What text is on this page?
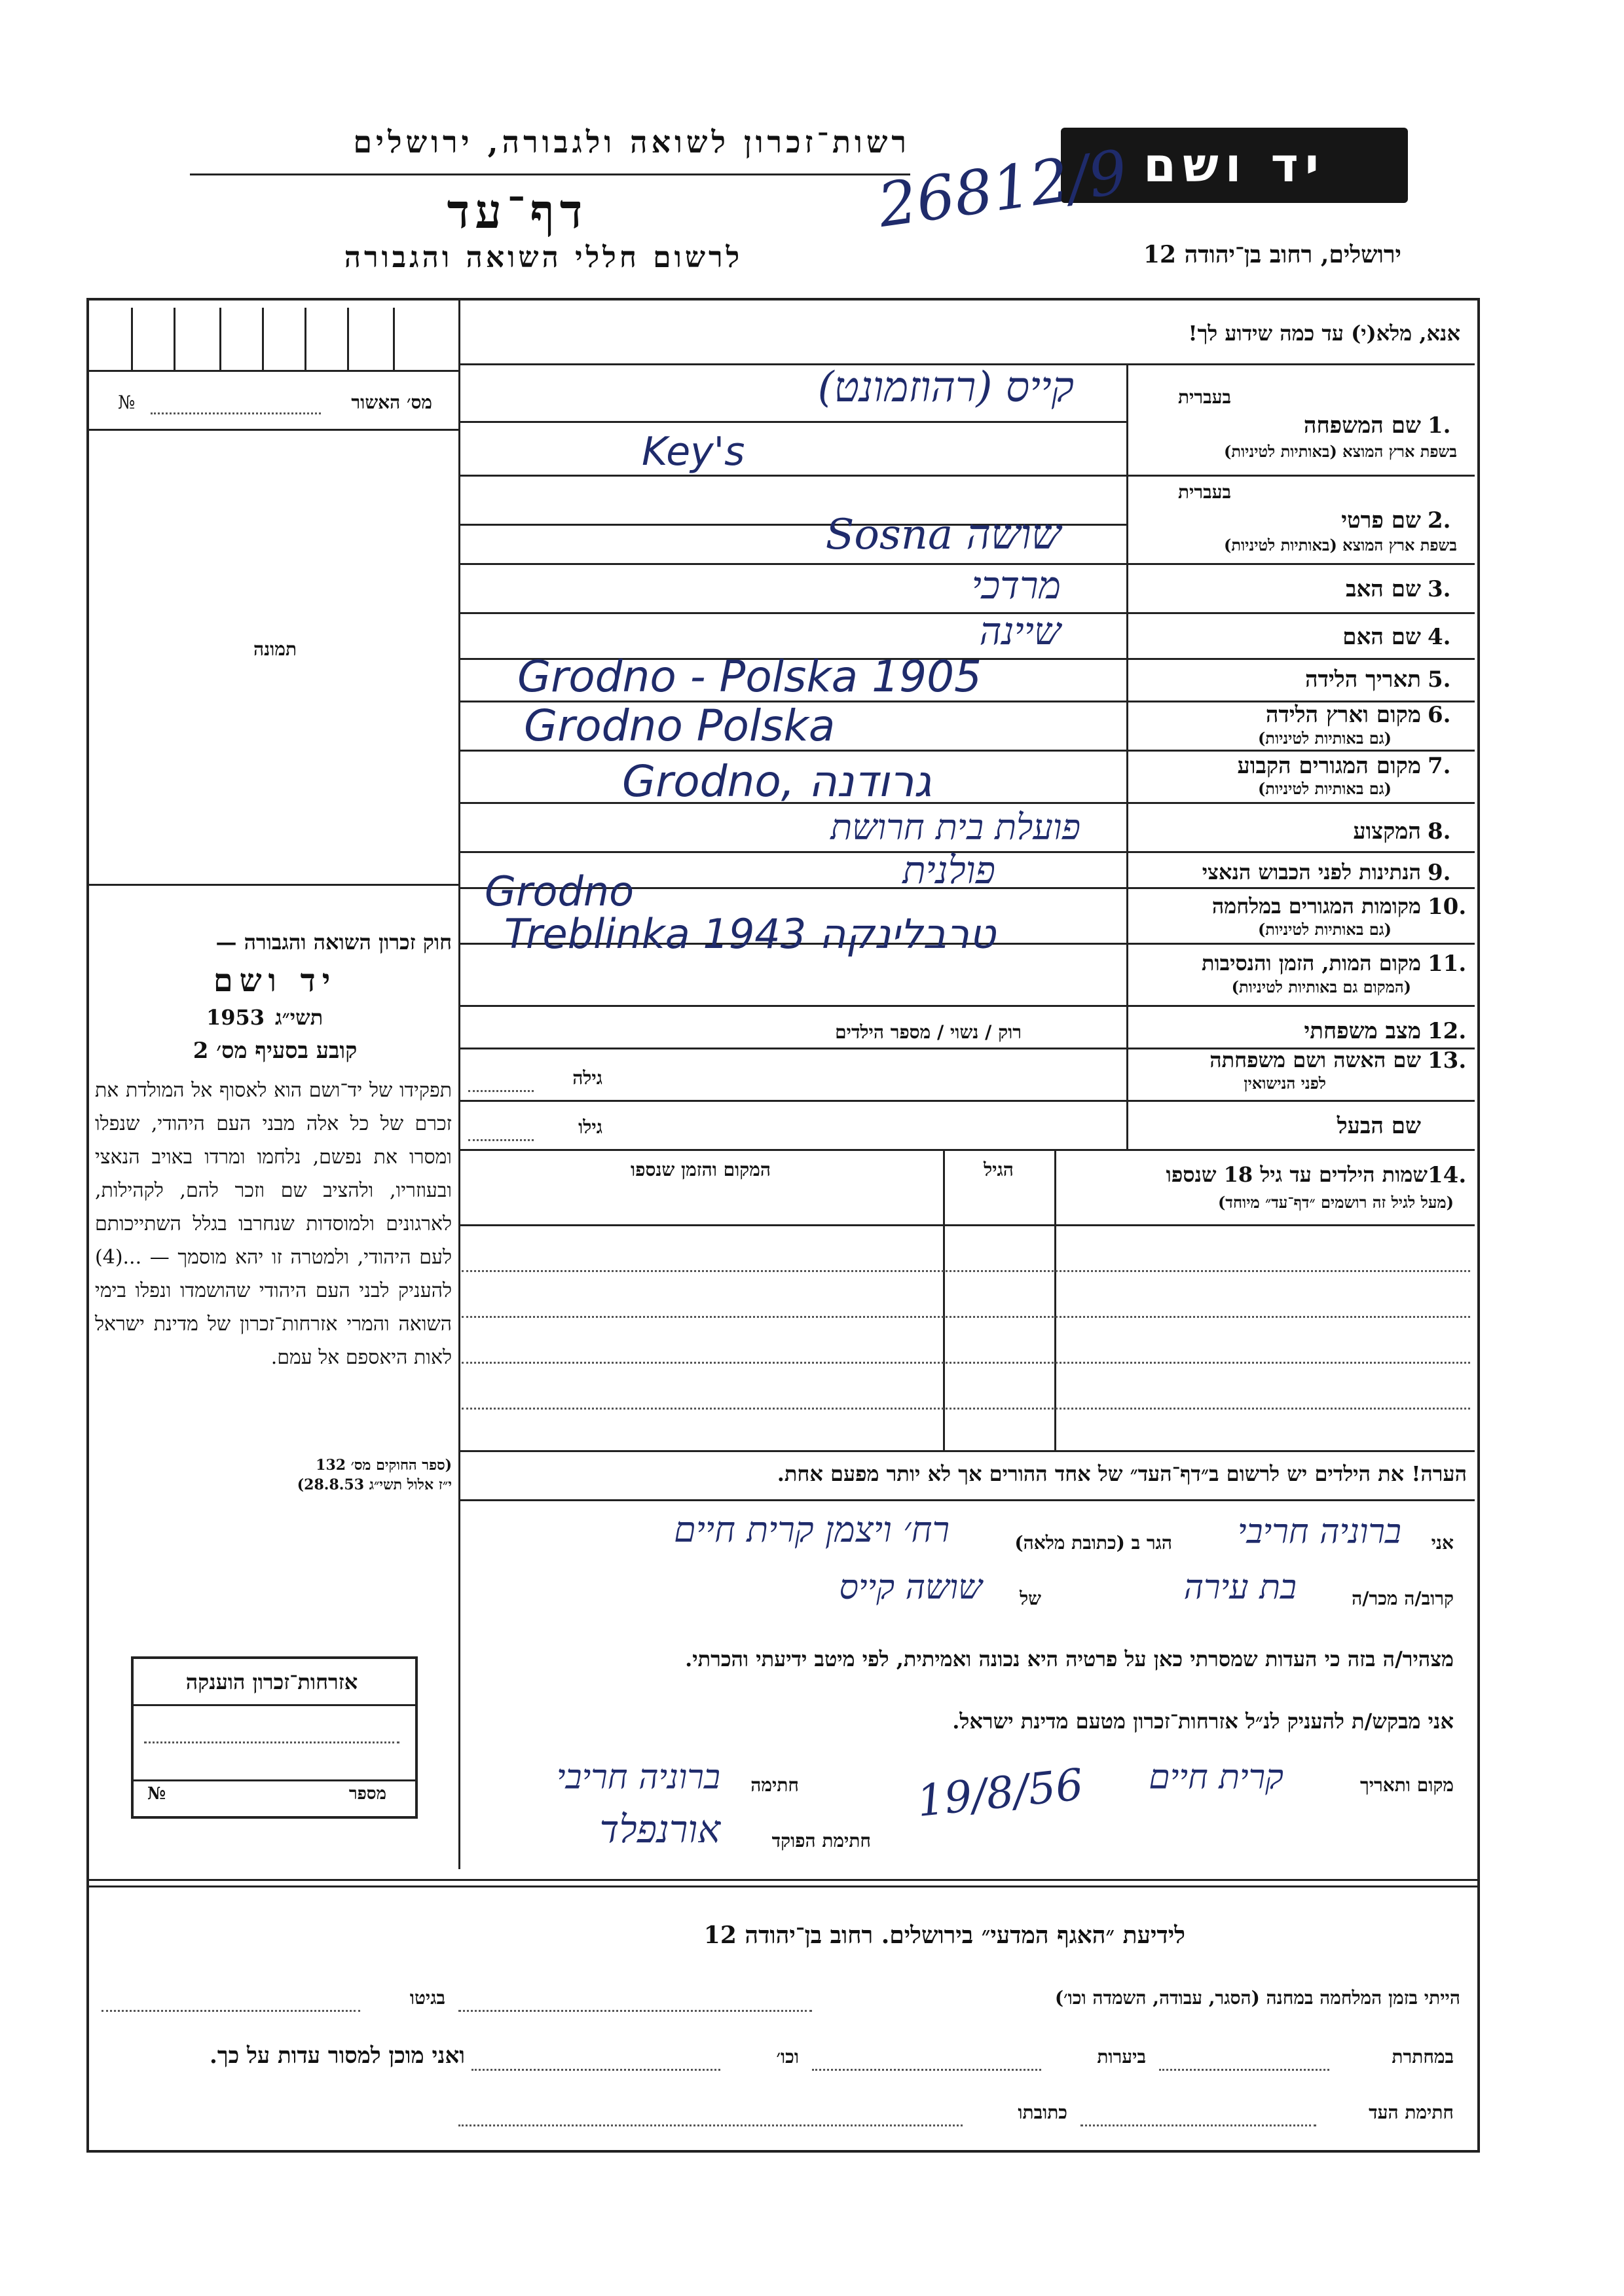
רשות־זכרון לשואה ולגבורה, ירושלים	יד ושם
26812/9
דף־עד
לרשום חללי השואה והגבורה	ירושלים, רחוב בן־יהודה 12
מס׳ האשור
№
תמונה
חוק זכרון השואה והגבורה —
יד ושם
תשי״ג
1953
קובע בסעיף מס׳ 2
תפקידו של יד־ושם הוא לאסוף אל המולדת את זכרם של כל אלה מבני העם היהודי, שנפלו ומסרו את נפשם, נלחמו ומרדו באויב הנאצי ובעוזריו, ולהציב שם וזכר להם, לקהילות, לארגונים ולמוסדות שנחרבו בגלל השתייכותם לעם היהודי, ולמטרה זו יהא מוסמך — ...(4) להעניק לבני העם היהודי שהושמדו ונפלו בימי השואה והמרי אזרחות־זכרון של מדינת ישראל לאות היאספם אל עמם.
(ספר החוקים מס׳ 132
י״ז אלול תשי״ג 28.8.53)
אזרחות־זכרון הוענקה
מספר
№
אנא, מלא(י) עד כמה שידוע לך!
בעברית
שם המשפחה 1.
בשפת ארץ המוצא (באותיות לטיניות)
קייס (רהוזמונט)
Key's
בעברית
שם פרטי 2.
בשפת ארץ המוצא (באותיות לטיניות)
שושה Sosna
שם האב 3.
מרדכי
שם האם 4.
שיינה
תאריך הלידה 5.
Grodno - Polska 1905
מקום וארץ הלידה 6.
(גם באותיות לטיניות)
Grodno Polska
מקום המגורים הקבוע 7.
(גם באותיות לטיניות)
Grodno, גרודנה
המקצוע 8.
פועלת בית חרושת
הנתינות לפני הכבוש הנאצי 9.
פולנית
מקומות המגורים במלחמה 10.
(גם באותיות לטיניות)
Grodno
מקום המות, הזמן והנסיבות 11.
(המקום גם באותיות לטיניות)
Treblinka 1943 טרבלינקה
מצב משפחתי 12.
רוק / נשוי / מספר הילדים
שם האשה ושם משפחתה 13.
לפני הנישואין
גילה
שם הבעל
גילו
שמות הילדים עד גיל 18 שנספו 14.
(מעל לגיל זה רושמים ״דף־עד״ מיוחד)
הגיל
המקום והזמן שנספו
הערה! את הילדים יש לרשום ב״דף־העד״ של אחד ההורים אך לא יותר מפעם אחת.
אני
ברוניה חריבי
הגר ב (כתובת מלאה)
רח׳ ויצמן קרית חיים
קרוב/ה מכר/ה
בת עירה
של
שושה קייס
מצהיר/ה בזה כי העדות שמסרתי כאן על פרטיה היא נכונה ואמיתית, לפי מיטב ידיעתי והכרתי.
אני מבקש/ת להעניק לנ״ל אזרחות־זכרון מטעם מדינת ישראל.
מקום ותאריך
קרית חיים
19/8/56
חתימה
ברוניה חריבי
חתימת הפוקד
אורנפלד
לידיעת ״האגף המדעי״ בירושלים. רחוב בן־יהודה 12
הייתי בזמן המלחמה במחנה (הסגר, עבודה, השמדה וכו׳)
בגיטו
במחתרת
ביערות
וכו׳
ואני מוכן למסור עדות על כך.
חתימת העד
כתובתו
